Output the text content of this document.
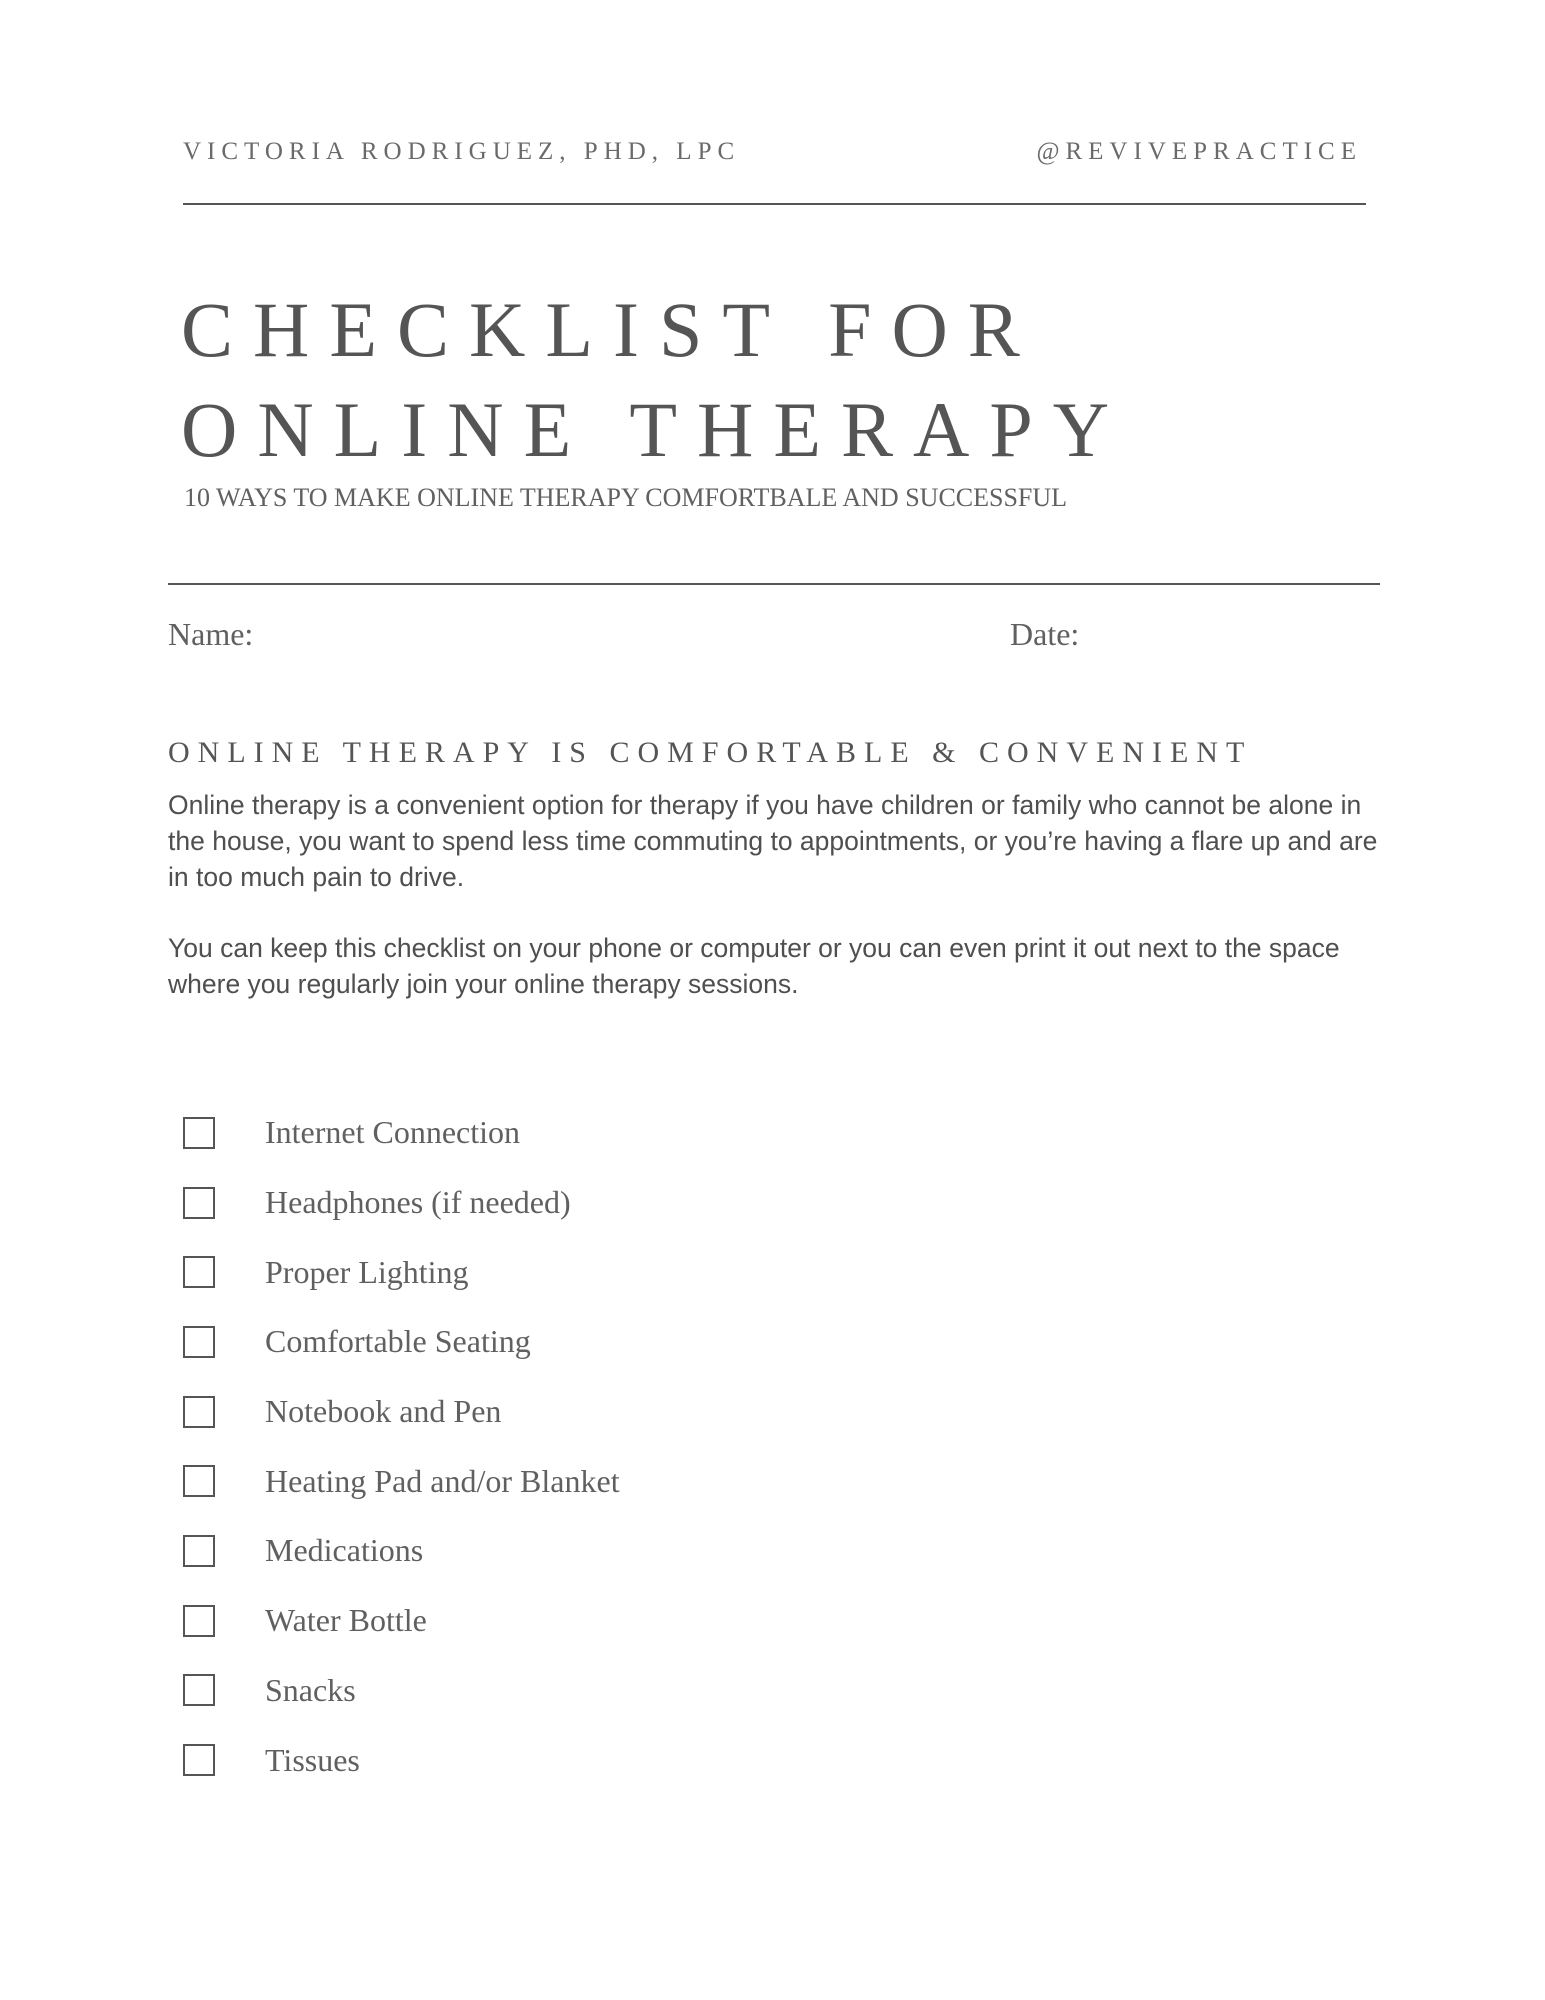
VICTORIA RODRIGUEZ, PHD, LPC	@REVIVEPRACTICE
CHECKLIST FOR
ONLINE THERAPY
10 WAYS TO MAKE ONLINE THERAPY COMFORTBALE AND SUCCESSFUL
Name:	Date:
ONLINE THERAPY IS COMFORTABLE & CONVENIENT

Online therapy is a convenient option for therapy if you have children or family who cannot be alone in the house, you want to spend less time commuting to appointments, or you’re having a flare up and are in too much pain to drive.

You can keep this checklist on your phone or computer or you can even print it out next to the space where you regularly join your online therapy sessions.

Internet Connection
Headphones (if needed)
Proper Lighting
Comfortable Seating
Notebook and Pen
Heating Pad and/or Blanket
Medications
Water Bottle
Snacks
Tissues
